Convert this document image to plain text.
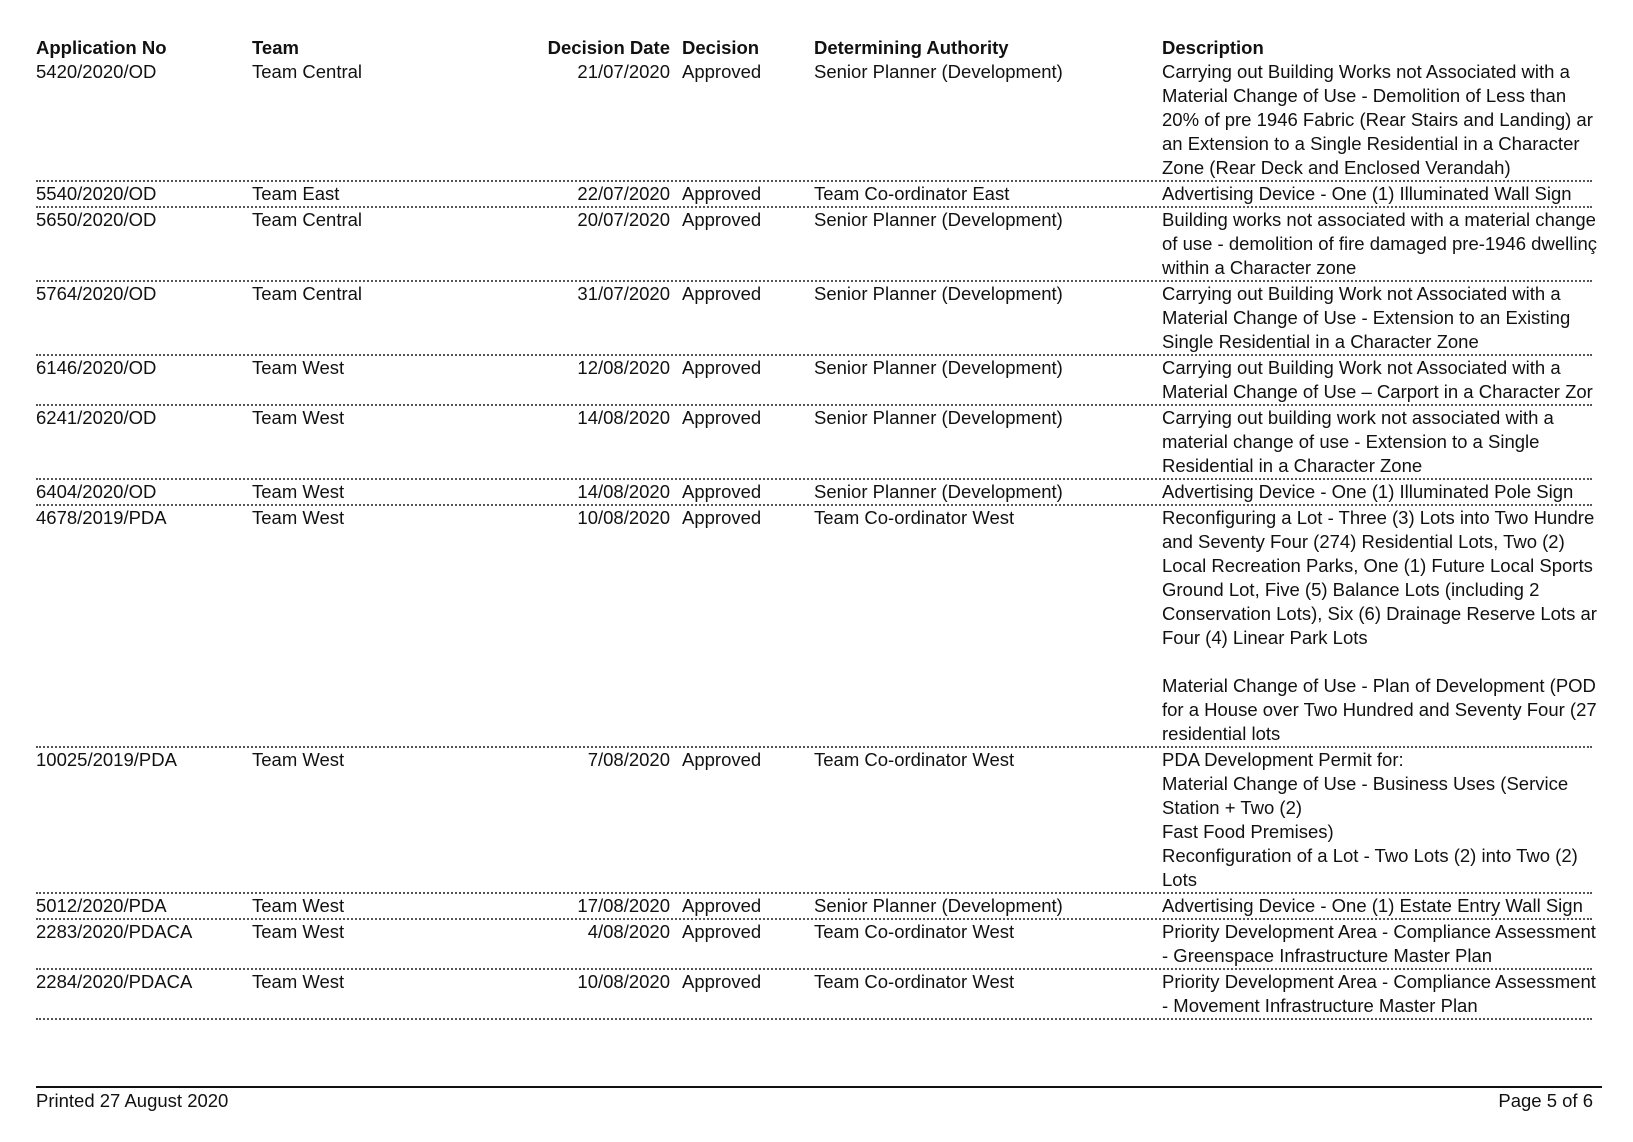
Application No	Team	Decision Date Decision	Determining Authority	Description
5420/2020/OD	Team Central	21/07/2020 Approved	Senior Planner (Development)	Carrying out Building Works not Associated with a
Material Change of Use - Demolition of Less than
20% of pre 1946 Fabric (Rear Stairs and Landing) ar
an Extension to a Single Residential in a Character
Zone (Rear Deck and Enclosed Verandah)
5540/2020/OD	Team East	22/07/2020 Approved	Team Co-ordinator East	Advertising Device - One (1) Illuminated Wall Sign
5650/2020/OD	Team Central	20/07/2020 Approved	Senior Planner (Development)	Building works not associated with a material change
of use - demolition of fire damaged pre-1946 dwellinç
within a Character zone
5764/2020/OD	Team Central	31/07/2020 Approved	Senior Planner (Development)	Carrying out Building Work not Associated with a
Material Change of Use - Extension to an Existing
Single Residential in a Character Zone
6146/2020/OD	Team West	12/08/2020 Approved	Senior Planner (Development)	Carrying out Building Work not Associated with a
Material Change of Use – Carport in a Character Zor
6241/2020/OD	Team West	14/08/2020 Approved	Senior Planner (Development)	Carrying out building work not associated with a
material change of use - Extension to a Single
Residential in a Character Zone
6404/2020/OD	Team West	14/08/2020 Approved	Senior Planner (Development)	Advertising Device - One (1) Illuminated Pole Sign
4678/2019/PDA	Team West	10/08/2020 Approved	Team Co-ordinator West	Reconfiguring a Lot - Three (3) Lots into Two Hundre
and Seventy Four (274) Residential Lots, Two (2)
Local Recreation Parks, One (1) Future Local Sports
Ground Lot, Five (5) Balance Lots (including 2
Conservation Lots), Six (6) Drainage Reserve Lots ar
Four (4) Linear Park Lots

Material Change of Use - Plan of Development (POD
for a House over Two Hundred and Seventy Four (27
residential lots
10025/2019/PDA	Team West	7/08/2020 Approved	Team Co-ordinator West	PDA Development Permit for:
Material Change of Use - Business Uses (Service
Station + Two (2)
Fast Food Premises)
Reconfiguration of a Lot - Two Lots (2) into Two (2)
Lots
5012/2020/PDA	Team West	17/08/2020 Approved	Senior Planner (Development)	Advertising Device - One (1) Estate Entry Wall Sign
2283/2020/PDACA	Team West	4/08/2020 Approved	Team Co-ordinator West	Priority Development Area - Compliance Assessment
- Greenspace Infrastructure Master Plan
2284/2020/PDACA	Team West	10/08/2020 Approved	Team Co-ordinator West	Priority Development Area - Compliance Assessment
- Movement Infrastructure Master Plan
Printed 27 August 2020	Page 5 of 6
